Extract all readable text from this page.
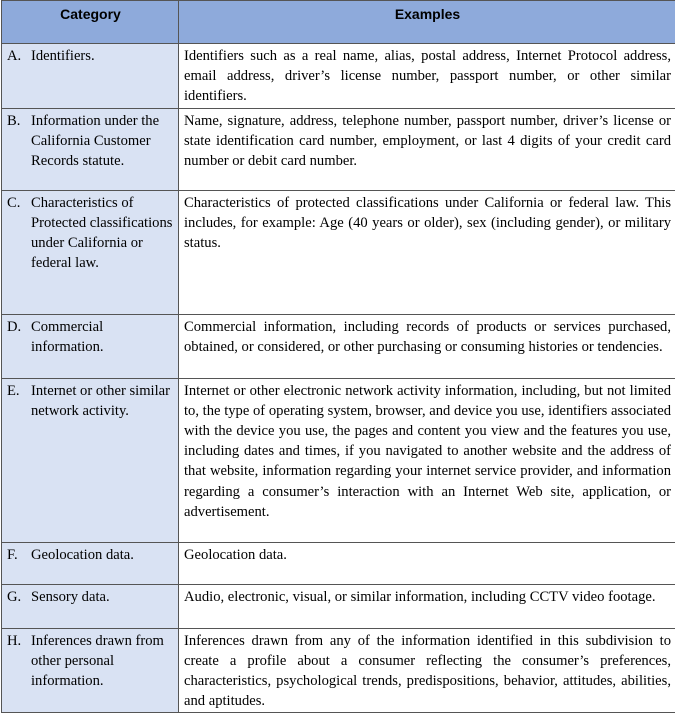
Category	Examples

A. Identifiers.	Identifiers such as a real name, alias, postal address, Internet Protocol address, email address, driver’s license number, passport number, or other similar identifiers.

B. Information under the California Customer Records statute.	Name, signature, address, telephone number, passport number, driver’s license or state identification card number, employment, or last 4 digits of your credit card number or debit card number.

C. Characteristics of Protected classifications under California or federal law.	Characteristics of protected classifications under California or federal law. This includes, for example: Age (40 years or older), sex (including gender), or military status.

D. Commercial information.	Commercial information, including records of products or services purchased, obtained, or considered, or other purchasing or consuming histories or tendencies.

E. Internet or other similar network activity.	Internet or other electronic network activity information, including, but not limited to, the type of operating system, browser, and device you use, identifiers associated with the device you use, the pages and content you view and the features you use, including dates and times, if you navigated to another website and the address of that website, information regarding your internet service provider, and information regarding a consumer’s interaction with an Internet Web site, application, or advertisement.

F. Geolocation data.	Geolocation data.

G. Sensory data.	Audio, electronic, visual, or similar information, including CCTV video footage.

H. Inferences drawn from other personal information.	Inferences drawn from any of the information identified in this subdivision to create a profile about a consumer reflecting the consumer’s preferences, characteristics, psychological trends, predispositions, behavior, attitudes, abilities, and aptitudes.
